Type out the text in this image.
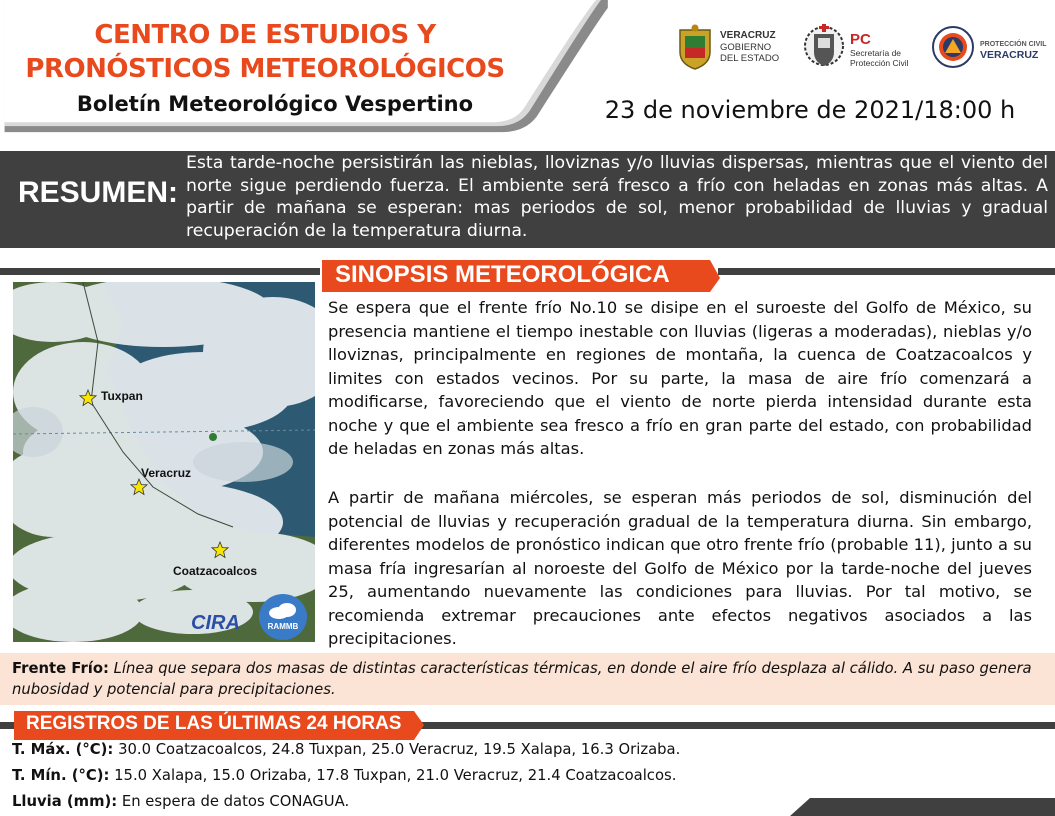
CENTRO DE ESTUDIOS Y
PRONÓSTICOS METEOROLÓGICOS
Boletín Meteorológico Vespertino	23 de noviembre de 2021/18:00 h
VERACRUZ
GOBIERNO
DEL ESTADO
PC
Secretaría de
Protección Civil
PROTECCIÓN CIVIL
VERACRUZ
RESUMEN:
Esta tarde-noche persistirán las nieblas, lloviznas y/o lluvias dispersas, mientras que el viento del norte sigue perdiendo fuerza. El ambiente será fresco a frío con heladas en zonas más altas. A partir de mañana se esperan: mas periodos de sol, menor probabilidad de lluvias y gradual recuperación de la temperatura diurna.
SINOPSIS METEOROLÓGICA
Tuxpan
Veracruz
Coatzacoalcos
CIRA	RAMMB
Se espera que el frente frío No.10 se disipe en el suroeste del Golfo de México, su presencia mantiene el tiempo inestable con lluvias (ligeras a moderadas), nieblas y/o lloviznas, principalmente en regiones de montaña, la cuenca de Coatzacoalcos y limites con estados vecinos. Por su parte, la masa de aire frío comenzará a modificarse, favoreciendo que el viento de norte pierda intensidad durante esta noche y que el ambiente sea fresco a frío en gran parte del estado, con probabilidad de heladas en zonas más altas.
A partir de mañana miércoles, se esperan más periodos de sol, disminución del potencial de lluvias y recuperación gradual de la temperatura diurna. Sin embargo, diferentes modelos de pronóstico indican que otro frente frío (probable 11), junto a su masa fría ingresarían al noroeste del Golfo de México por la tarde-noche del jueves 25, aumentando nuevamente las condiciones para lluvias. Por tal motivo, se recomienda extremar precauciones ante efectos negativos asociados a las precipitaciones.
Frente Frío: Línea que separa dos masas de distintas características térmicas, en donde el aire frío desplaza al cálido. A su paso genera nubosidad y potencial para precipitaciones.
REGISTROS DE LAS ÚLTIMAS 24 HORAS
T. Máx. (°C): 30.0 Coatzacoalcos, 24.8 Tuxpan, 25.0 Veracruz, 19.5 Xalapa, 16.3 Orizaba.
T. Mín. (°C): 15.0 Xalapa, 15.0 Orizaba, 17.8 Tuxpan, 21.0 Veracruz, 21.4 Coatzacoalcos.
Lluvia (mm): En espera de datos CONAGUA.
